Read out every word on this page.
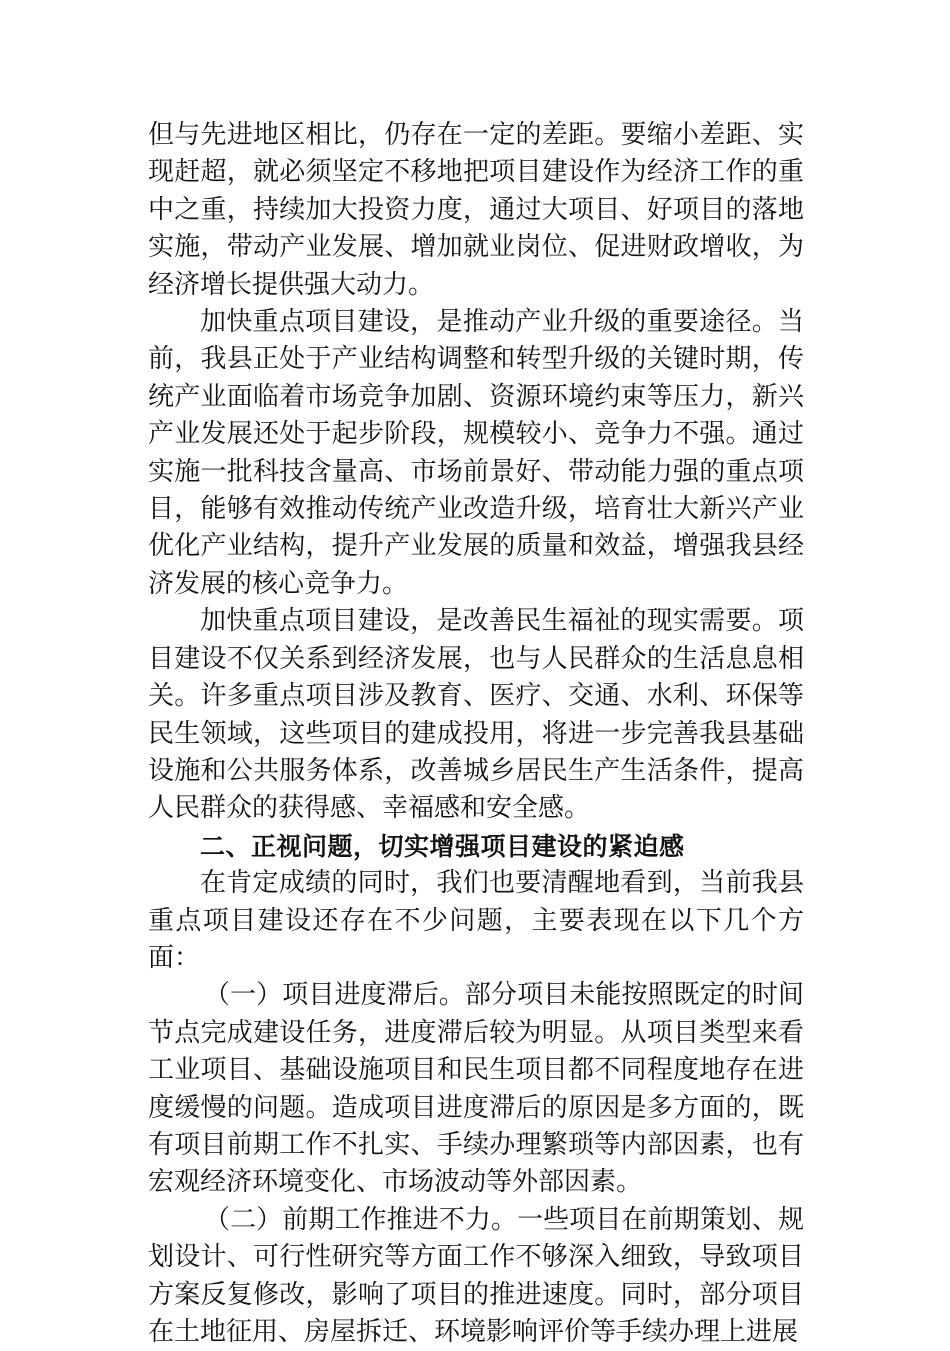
但与先进地区相比，仍存在一定的差距。要缩小差距、实现赶超，就必须坚定不移地把项目建设作为经济工作的重中之重，持续加大投资力度，通过大项目、好项目的落地实施，带动产业发展、增加就业岗位、促进财政增收，为经济增长提供强大动力。

加快重点项目建设，是推动产业升级的重要途径。当前，我县正处于产业结构调整和转型升级的关键时期，传统产业面临着市场竞争加剧、资源环境约束等压力，新兴产业发展还处于起步阶段，规模较小、竞争力不强。通过实施一批科技含量高、市场前景好、带动能力强的重点项目，能够有效推动传统产业改造升级，培育壮大新兴产业优化产业结构，提升产业发展的质量和效益，增强我县经济发展的核心竞争力。

加快重点项目建设，是改善民生福祉的现实需要。项目建设不仅关系到经济发展，也与人民群众的生活息息相关。许多重点项目涉及教育、医疗、交通、水利、环保等民生领域，这些项目的建成投用，将进一步完善我县基础设施和公共服务体系，改善城乡居民生产生活条件，提高人民群众的获得感、幸福感和安全感。

二、正视问题，切实增强项目建设的紧迫感

在肯定成绩的同时，我们也要清醒地看到，当前我县重点项目建设还存在不少问题，主要表现在以下几个方面：

（一）项目进度滞后。部分项目未能按照既定的时间节点完成建设任务，进度滞后较为明显。从项目类型来看工业项目、基础设施项目和民生项目都不同程度地存在进度缓慢的问题。造成项目进度滞后的原因是多方面的，既有项目前期工作不扎实、手续办理繁琐等内部因素，也有宏观经济环境变化、市场波动等外部因素。

（二）前期工作推进不力。一些项目在前期策划、规划设计、可行性研究等方面工作不够深入细致，导致项目方案反复修改，影响了项目的推进速度。同时，部分项目在土地征用、房屋拆迁、环境影响评价等手续办理上进展
